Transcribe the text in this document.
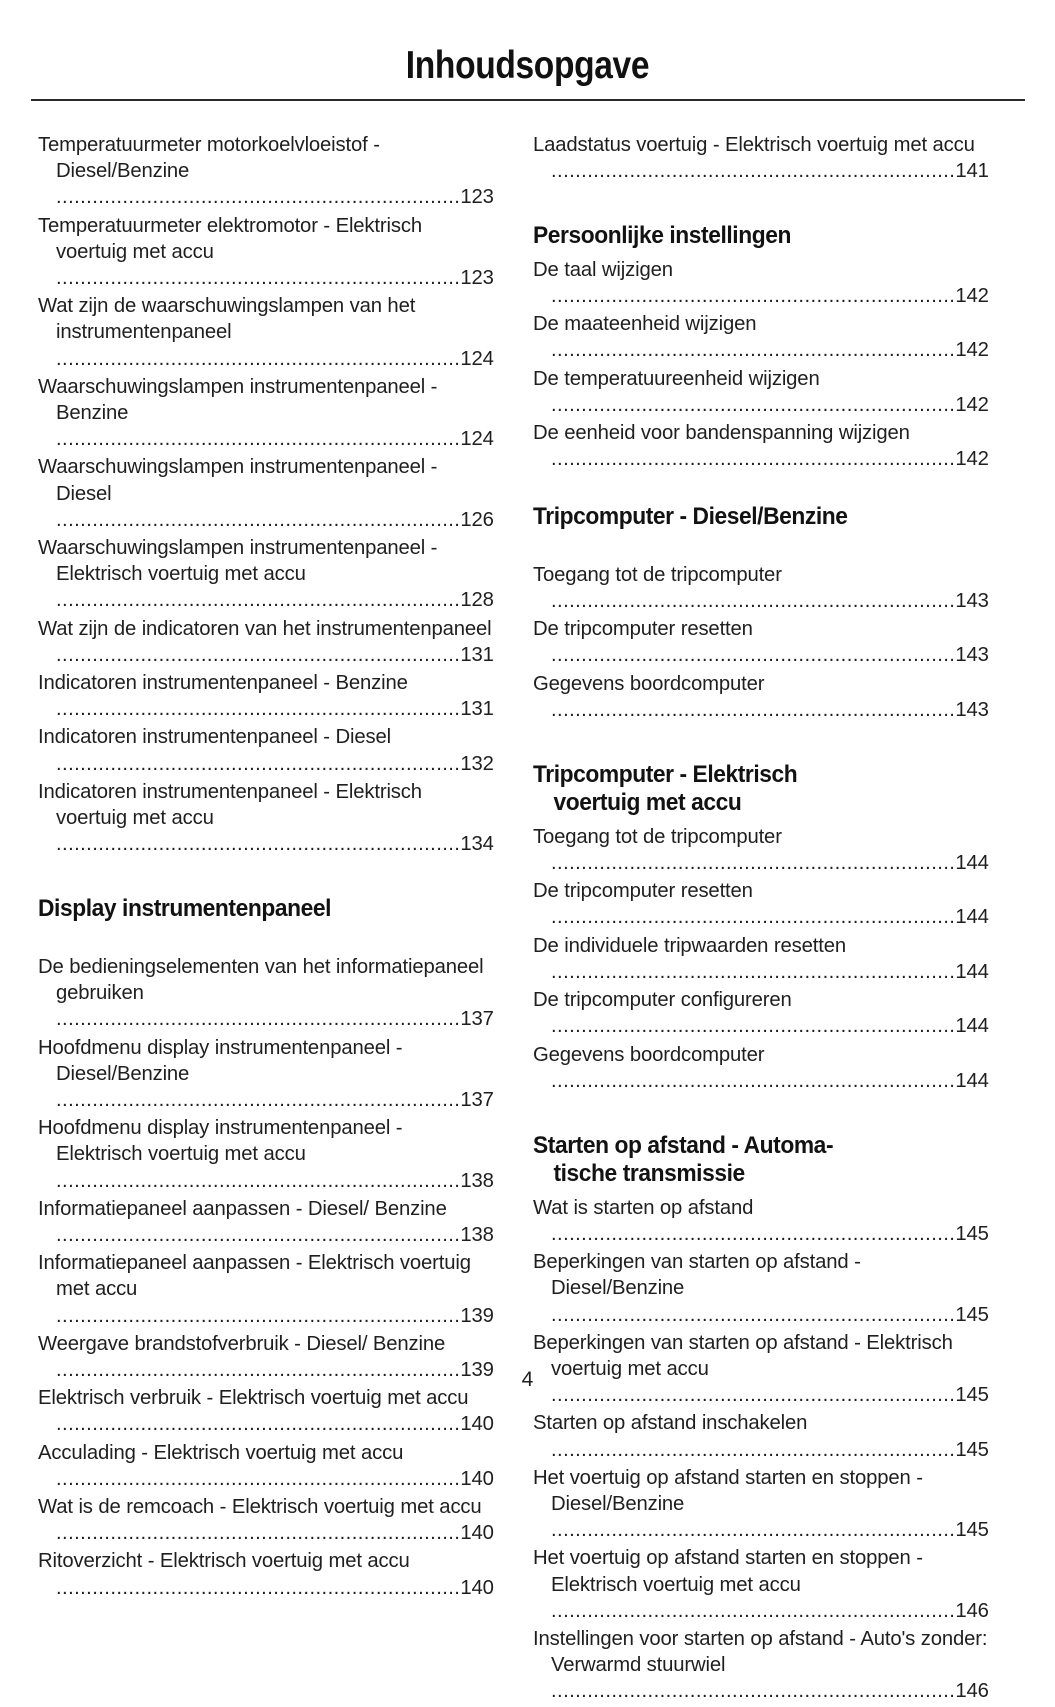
Inhoudsopgave
Temperatuurmeter motorkoelvloeistof - Diesel/Benzine ...................................................................123
Temperatuurmeter elektromotor - Elektrisch voertuig met accu ...................................................................123
Wat zijn de waarschuwingslampen van het instrumentenpaneel ...................................................................124
Waarschuwingslampen instrumentenpaneel - Benzine ...................................................................124
Waarschuwingslampen instrumentenpaneel - Diesel ...................................................................126
Waarschuwingslampen instrumentenpaneel - Elektrisch voertuig met accu ...................................................................128
Wat zijn de indicatoren van het instrumentenpaneel ...................................................................131
Indicatoren instrumentenpaneel - Benzine ...................................................................131
Indicatoren instrumentenpaneel - Diesel ...................................................................132
Indicatoren instrumentenpaneel - Elektrisch voertuig met accu ...................................................................134
Display instrumentenpaneel
De bedieningselementen van het informatiepaneel gebruiken ...................................................................137
Hoofdmenu display instrumentenpaneel - Diesel/Benzine ...................................................................137
Hoofdmenu display instrumentenpaneel - Elektrisch voertuig met accu ...................................................................138
Informatiepaneel aanpassen - Diesel/ Benzine ...................................................................138
Informatiepaneel aanpassen - Elektrisch voertuig met accu ...................................................................139
Weergave brandstofverbruik - Diesel/ Benzine ...................................................................139
Elektrisch verbruik - Elektrisch voertuig met accu ...................................................................140
Acculading - Elektrisch voertuig met accu ...................................................................140
Wat is de remcoach - Elektrisch voertuig met accu ...................................................................140
Ritoverzicht - Elektrisch voertuig met accu ...................................................................140
Laadstatus voertuig - Elektrisch voertuig met accu ...................................................................141
Persoonlijke instellingen
De taal wijzigen ...................................................................142
De maateenheid wijzigen ...................................................................142
De temperatuureenheid wijzigen ...................................................................142
De eenheid voor bandenspanning wijzigen ...................................................................142
Tripcomputer - Diesel/Benzine
Toegang tot de tripcomputer ...................................................................143
De tripcomputer resetten ...................................................................143
Gegevens boordcomputer ...................................................................143
Tripcomputer - Elektrisch
voertuig met accu
Toegang tot de tripcomputer ...................................................................144
De tripcomputer resetten ...................................................................144
De individuele tripwaarden resetten ...................................................................144
De tripcomputer configureren ...................................................................144
Gegevens boordcomputer ...................................................................144
Starten op afstand - Automa-
tische transmissie
Wat is starten op afstand ...................................................................145
Beperkingen van starten op afstand - Diesel/Benzine ...................................................................145
Beperkingen van starten op afstand - Elektrisch voertuig met accu ...................................................................145
Starten op afstand inschakelen ...................................................................145
Het voertuig op afstand starten en stoppen - Diesel/Benzine ...................................................................145
Het voertuig op afstand starten en stoppen - Elektrisch voertuig met accu ...................................................................146
Instellingen voor starten op afstand - Auto's zonder: Verwarmd stuurwiel ...................................................................146
4
